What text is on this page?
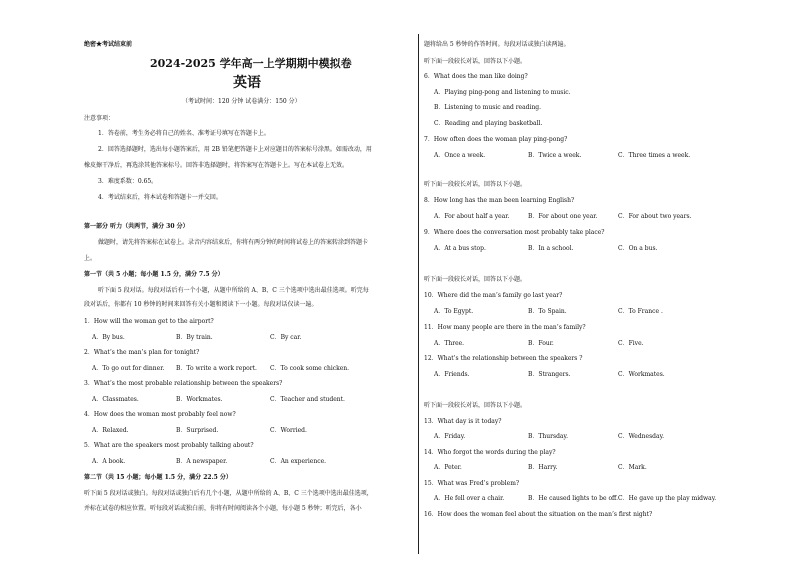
绝密★考试结束前
2024-2025 学年高一上学期期中模拟卷
英语
（考试时间：120 分钟 试卷满分：150 分）
注意事项：
1．答卷前，考生务必将自己的姓名、准考证号填写在答题卡上。
2．回答选择题时，选出每小题答案后，用 2B 铅笔把答题卡上对应题目的答案标号涂黑。如需改动，用
橡皮擦干净后，再选涂其他答案标号。回答非选择题时，将答案写在答题卡上。写在本试卷上无效。
3．难度系数：0.65。
4．考试结束后，将本试卷和答题卡一并交回。
第一部分 听力（共两节，满分 30 分）
做题时，请先将答案标在试卷上。录音内容结束后，你将有两分钟的时间将试卷上的答案转涂到答题卡
上。
第一节（共 5 小题；每小题 1.5 分，满分 7.5 分）
听下面 5 段对话。每段对话后有一个小题，从题中所给的 A、B、C 三个选项中选出最佳选项。听完每
段对话后，你都有 10 秒钟的时间来回答有关小题和阅读下一小题。每段对话仅读一遍。
1．How will the woman get to the airport?
A．By bus.	B．By train.	C．By car.
2．What’s the man’s plan for tonight?
A．To go out for dinner. B．To write a work report. C．To cook some chicken.
3．What’s the most probable relationship between the speakers?
A．Classmates.	B．Workmates.	C．Teacher and student.
4．How does the woman most probably feel now?
A．Relaxed.	B．Surprised.	C．Worried.
5．What are the speakers most probably talking about?
A．A book.	B．A newspaper.	C．An experience.
第二节（共 15 小题；每小题 1.5 分，满分 22.5 分）
听下面 5 段对话或独白。每段对话或独白后有几个小题，从题中所给的 A、B、C 三个选项中选出最佳选项，
并标在试卷的相应位置。听每段对话或独白前，你将有时间阅读各个小题，每小题 5 秒钟；听完后，各小
题将给出 5 秒钟的作答时间。每段对话或独白读两遍。
听下面一段较长对话，回答以下小题。
6．What does the man like doing?
A．Playing ping-pong and listening to music.
B．Listening to music and reading.
C．Reading and playing basketball.
7．How often does the woman play ping-pong?
A．Once a week.	B．Twice a week.	C．Three times a week.
听下面一段较长对话，回答以下小题。
8．How long has the man been learning English?
A．For about half a year.	B．For about one year.	C．For about two years.
9．Where does the conversation most probably take place?
A．At a bus stop.	B．In a school.	C．On a bus.
听下面一段较长对话，回答以下小题。
10．Where did the man’s family go last year?
A．To Egypt.	B．To Spain.	C．To France .
11．How many people are there in the man’s family?
A．Three.	B．Four.	C．Five.
12．What’s the relationship between the speakers ?
A．Friends.	B．Strangers.	C．Workmates.
听下面一段较长对话，回答以下小题。
13．What day is it today?
A．Friday.	B．Thursday.	C．Wednesday.
14．Who forgot the words during the play?
A．Peter.	B．Harry.	C．Mark.
15．What was Fred’s problem?
A．He fell over a chair.	B．He caused lights to be off. C．He gave up the play midway.
16．How does the woman feel about the situation on the man’s first night?
